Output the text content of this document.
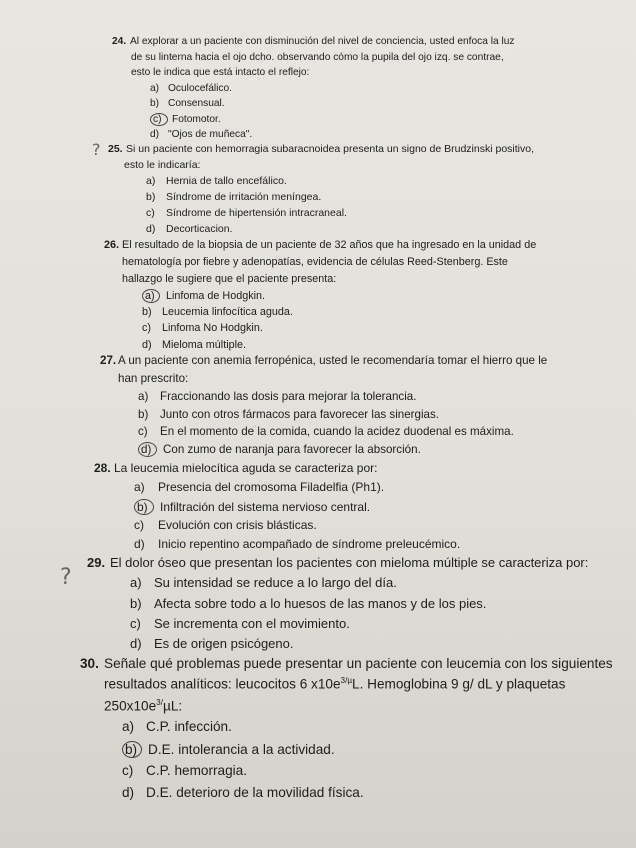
24. Al explorar a un paciente con disminución del nivel de conciencia, usted enfoca la luz
de su linterna hacia el ojo dcho. observando cómo la pupila del ojo izq. se contrae,
esto le indica que está intacto el reflejo:
a) Oculocefálico.
b) Consensual.
c) Fotomotor.
d) "Ojos de muñeca".
? 25. Si un paciente con hemorragia subaracnoidea presenta un signo de Brudzinski positivo,
esto le indicaría:
a) Hernia de tallo encefálico.
b) Síndrome de irritación meníngea.
c) Síndrome de hipertensión intracraneal.
d) Decorticacion.
26. El resultado de la biopsia de un paciente de 32 años que ha ingresado en la unidad de
hematología por fiebre y adenopatías, evidencia de células Reed-Stenberg. Este
hallazgo le sugiere que el paciente presenta:
a) Linfoma de Hodgkin.
b) Leucemia linfocítica aguda.
c) Linfoma No Hodgkin.
d) Mieloma múltiple.
27. A un paciente con anemia ferropénica, usted le recomendaría tomar el hierro que le
han prescrito:
a) Fraccionando las dosis para mejorar la tolerancia.
b) Junto con otros fármacos para favorecer las sinergias.
c) En el momento de la comida, cuando la acidez duodenal es máxima.
d) Con zumo de naranja para favorecer la absorción.
28. La leucemia mielocítica aguda se caracteriza por:
a) Presencia del cromosoma Filadelfia (Ph1).
b) Infiltración del sistema nervioso central.
c) Evolución con crisis blásticas.
d) Inicio repentino acompañado de síndrome preleucémico.
?
29. El dolor óseo que presentan los pacientes con mieloma múltiple se caracteriza por:
a) Su intensidad se reduce a lo largo del día.
b) Afecta sobre todo a lo huesos de las manos y de los pies.
c) Se incrementa con el movimiento.
d) Es de origen psicógeno.
30. Señale qué problemas puede presentar un paciente con leucemia con los siguientes
resultados analíticos: leucocitos 6 $x10e^{3/\mu}L$. Hemoglobina 9 g/ dL y plaquetas
$250x10e^{3/}\mu L$:
a) C.P. infección.
b) D.E. intolerancia a la actividad.
c) C.P. hemorragia.
d) D.E. deterioro de la movilidad física.
